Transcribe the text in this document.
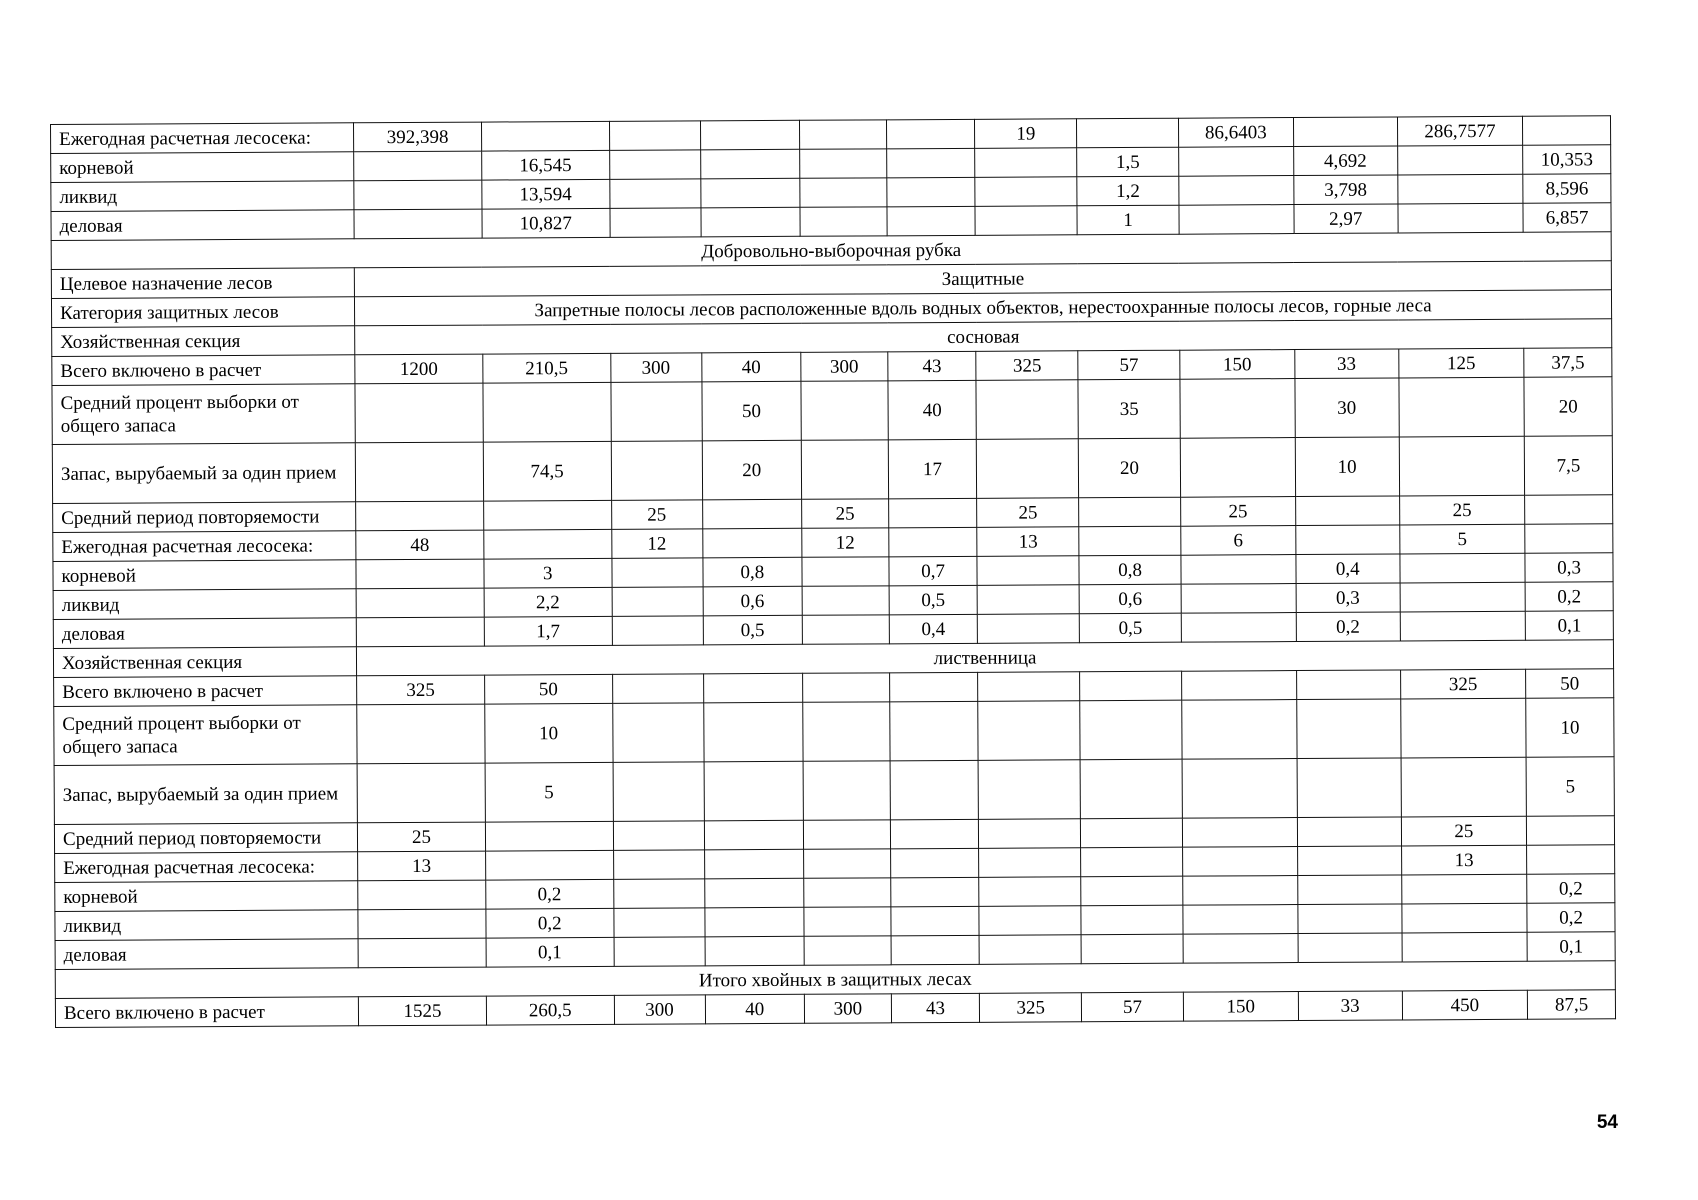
Ежегодная расчетная лесосека:	392,398						19		86,6403		286,7577	
корневой		16,545						1,5		4,692		10,353
ликвид		13,594						1,2		3,798		8,596
деловая		10,827						1		2,97		6,857
Добровольно-выборочная рубка												
Целевое назначение лесов	Защитные											
Категория защитных лесов	Запретные полосы лесов расположенные вдоль водных объектов, нерестоохранные полосы лесов, горные леса											
Хозяйственная секция	сосновая											
Всего включено в расчет	1200	210,5	300	40	300	43	325	57	150	33	125	37,5
Средний процент выборки от общего запаса				50		40		35		30		20
Запас, вырубаемый за один прием		74,5		20		17		20		10		7,5
Средний период повторяемости			25		25		25		25		25	
Ежегодная расчетная лесосека:	48		12		12		13		6		5	
корневой		3		0,8		0,7		0,8		0,4		0,3
ликвид		2,2		0,6		0,5		0,6		0,3		0,2
деловая		1,7		0,5		0,4		0,5		0,2		0,1
Хозяйственная секция	лиственница											
Всего включено в расчет	325	50									325	50
Средний процент выборки от общего запаса		10										10
Запас, вырубаемый за один прием		5										5
Средний период повторяемости	25										25	
Ежегодная расчетная лесосека:	13										13	
корневой		0,2										0,2
ликвид		0,2										0,2
деловая		0,1										0,1
Итого хвойных в защитных лесах												
Всего включено в расчет	1525	260,5	300	40	300	43	325	57	150	33	450	87,5
54
